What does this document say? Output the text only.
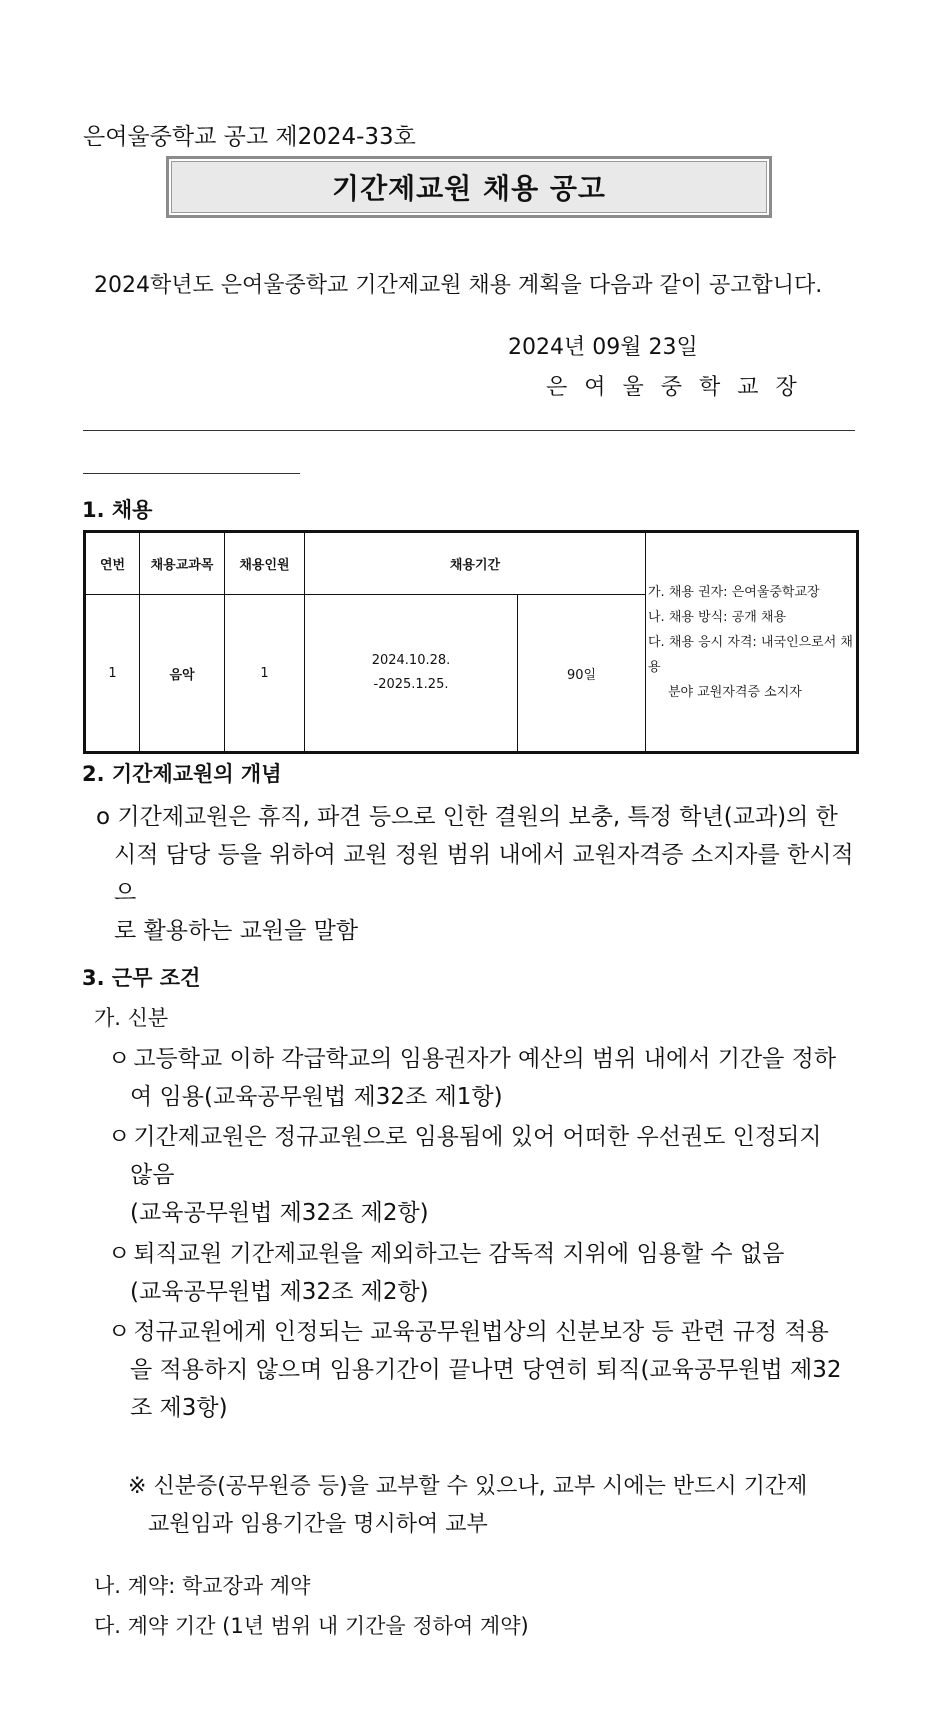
은여울중학교 공고 제2024-33호
기간제교원 채용 공고
2024학년도 은여울중학교 기간제교원 채용 계획을 다음과 같이 공고합니다.
2024년 09월 23일
은 여 울 중 학 교 장
1. 채용
연번	채용교과목	채용인원	채용기간		가. 채용 권자: 은여울중학교장
나. 채용 방식: 공개 채용
다. 채용 응시 자격: 내국인으로서 채용
분야 교원자격증 소지자

1	음악	1	2024.10.28.
-2025.1.25.	90일	
2. 기간제교원의 개념
o 기간제교원은 휴직, 파견 등으로 인한 결원의 보충, 특정 학년(교과)의 한
시적 담당 등을 위하여 교원 정원 범위 내에서 교원자격증 소지자를 한시적으
로 활용하는 교원을 말함
3. 근무 조건
가. 신분
ㅇ 고등학교 이하 각급학교의 임용권자가 예산의 범위 내에서 기간을 정하
여 임용(교육공무원법 제32조 제1항)
ㅇ 기간제교원은 정규교원으로 임용됨에 있어 어떠한 우선권도 인정되지
않음
(교육공무원법 제32조 제2항)
ㅇ 퇴직교원 기간제교원을 제외하고는 감독적 지위에 임용할 수 없음
(교육공무원법 제32조 제2항)
ㅇ 정규교원에게 인정되는 교육공무원법상의 신분보장 등 관련 규정 적용
을 적용하지 않으며 임용기간이 끝나면 당연히 퇴직(교육공무원법 제32
조 제3항)
※ 신분증(공무원증 등)을 교부할 수 있으나, 교부 시에는 반드시 기간제
교원임과 임용기간을 명시하여 교부
나. 계약: 학교장과 계약
다. 계약 기간 (1년 범위 내 기간을 정하여 계약)
